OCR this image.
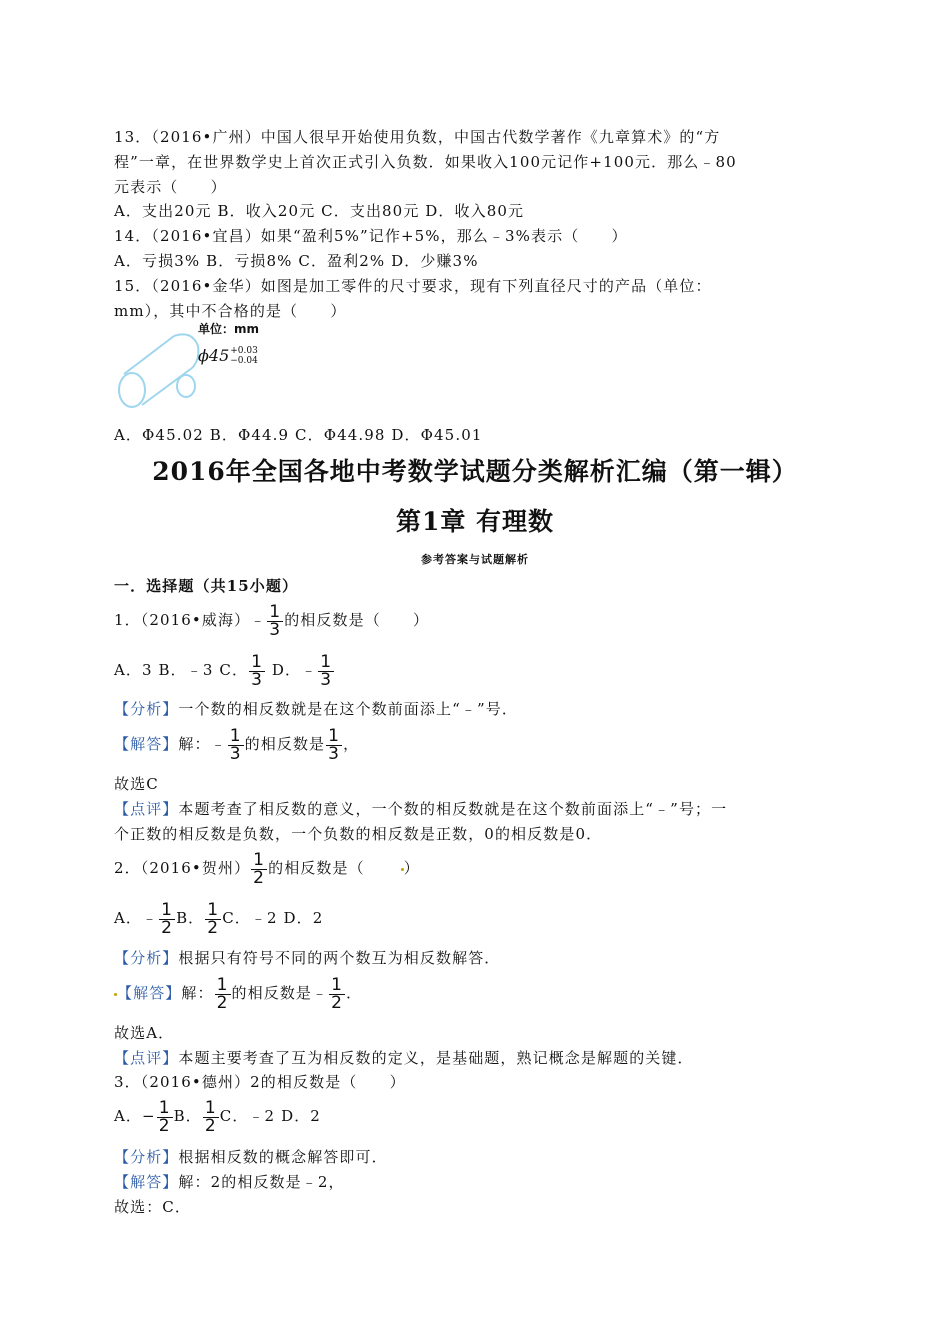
13．（2016•广州）中国人很早开始使用负数，中国古代数学著作《九章算术》的“方
程”一章，在世界数学史上首次正式引入负数．如果收入100元记作+100元．那么﹣80
元表示（　　）
A．支出20元 B．收入20元 C．支出80元 D．收入80元
14．（2016•宜昌）如果“盈利5%”记作+5%，那么﹣3%表示（　　）
A．亏损3% B．亏损8% C．盈利2% D．少赚3%
15．（2016•金华）如图是加工零件的尺寸要求，现有下列直径尺寸的产品（单位：
mm），其中不合格的是（　　）
单位：mm
ϕ45 +0.03
−0.04
A．Φ45.02 B．Φ44.9 C．Φ44.98 D．Φ45.01
2016年全国各地中考数学试题分类解析汇编（第一辑）
第1章 有理数
参考答案与试题解析
一．选择题（共15小题）
1．（2016•威海）﹣ $\frac{1}{3}$ 的相反数是（　　）
A．3 B．﹣3 C． $\frac{1}{3}$ D．﹣ $\frac{1}{3}$
【分析】一个数的相反数就是在这个数前面添上“﹣”号．
【解答】解：﹣ $\frac{1}{3}$ 的相反数是 $\frac{1}{3}$ ，
故选C
【点评】本题考查了相反数的意义，一个数的相反数就是在这个数前面添上“﹣”号；一
个正数的相反数是负数，一个负数的相反数是正数，0的相反数是0．
2．（2016•贺州） $\frac{1}{2}$ 的相反数是（	）
A．﹣ $\frac{1}{2}$ B． $\frac{1}{2}$ C．﹣2 D．2
【分析】根据只有符号不同的两个数互为相反数解答．
【解答】解： $\frac{1}{2}$ 的相反数是﹣ $\frac{1}{2}$ ．
故选A．
【点评】本题主要考查了互为相反数的定义，是基础题，熟记概念是解题的关键．
3．（2016•德州）2的相反数是（　　）
A．− $\frac{1}{2}$ B． $\frac{1}{2}$ C．﹣2 D．2
【分析】根据相反数的概念解答即可．
【解答】解：2的相反数是﹣2，
故选：C．
